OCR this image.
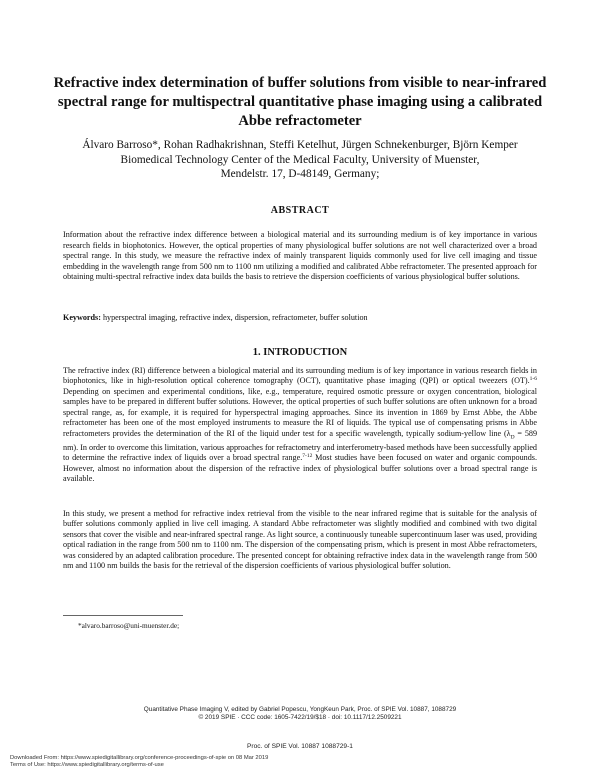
Refractive index determination of buffer solutions from visible to near-infrared spectral range for multispectral quantitative phase imaging using a calibrated Abbe refractometer
Álvaro Barroso*, Rohan Radhakrishnan, Steffi Ketelhut, Jürgen Schnekenburger, Björn Kemper
Biomedical Technology Center of the Medical Faculty, University of Muenster,
Mendelstr. 17, D-48149, Germany;
ABSTRACT
Information about the refractive index difference between a biological material and its surrounding medium is of key importance in various research fields in biophotonics. However, the optical properties of many physiological buffer solutions are not well characterized over a broad spectral range. In this study, we measure the refractive index of mainly transparent liquids commonly used for live cell imaging and tissue embedding in the wavelength range from 500 nm to 1100 nm utilizing a modified and calibrated Abbe refractometer. The presented approach for obtaining multi-spectral refractive index data builds the basis to retrieve the dispersion coefficients of various physiological buffer solutions.
Keywords: hyperspectral imaging, refractive index, dispersion, refractometer, buffer solution
1. INTRODUCTION
The refractive index (RI) difference between a biological material and its surrounding medium is of key importance in various research fields in biophotonics, like in high-resolution optical coherence tomography (OCT), quantitative phase imaging (QPI) or optical tweezers (OT).$^{1-6}$ Depending on specimen and experimental conditions, like, e.g., temperature, required osmotic pressure or oxygen concentration, biological samples have to be prepared in different buffer solutions. However, the optical properties of such buffer solutions are often unknown for a broad spectral range, as, for example, it is required for hyperspectral imaging approaches. Since its invention in 1869 by Ernst Abbe, the Abbe refractometer has been one of the most employed instruments to measure the RI of liquids. The typical use of compensating prisms in Abbe refractometers provides the determination of the RI of the liquid under test for a specific wavelength, typically sodium-yellow line ($\lambda_D = 589$ nm). In order to overcome this limitation, various approaches for refractometry and interferometry-based methods have been successfully applied to determine the refractive index of liquids over a broad spectral range.$^{7-12}$ Most studies have been focused on water and organic compounds. However, almost no information about the dispersion of the refractive index of physiological buffer solutions over a broad spectral range is available.
In this study, we present a method for refractive index retrieval from the visible to the near infrared regime that is suitable for the analysis of buffer solutions commonly applied in live cell imaging. A standard Abbe refractometer was slightly modified and combined with two digital sensors that cover the visible and near-infrared spectral range. As light source, a continuously tuneable supercontinuum laser was used, providing optical radiation in the range from 500 nm to 1100 nm. The dispersion of the compensating prism, which is present in most Abbe refractometers, was considered by an adapted calibration procedure. The presented concept for obtaining refractive index data in the wavelength range from 500 nm and 1100 nm builds the basis for the retrieval of the dispersion coefficients of various physiological buffer solution.
*alvaro.barroso@uni-muenster.de;
Quantitative Phase Imaging V, edited by Gabriel Popescu, YongKeun Park, Proc. of SPIE Vol. 10887, 1088729
© 2019 SPIE · CCC code: 1605-7422/19/$18 · doi: 10.1117/12.2509221
Proc. of SPIE Vol. 10887 1088729-1
Downloaded From: https://www.spiedigitallibrary.org/conference-proceedings-of-spie on 08 Mar 2019
Terms of Use: https://www.spiedigitallibrary.org/terms-of-use
